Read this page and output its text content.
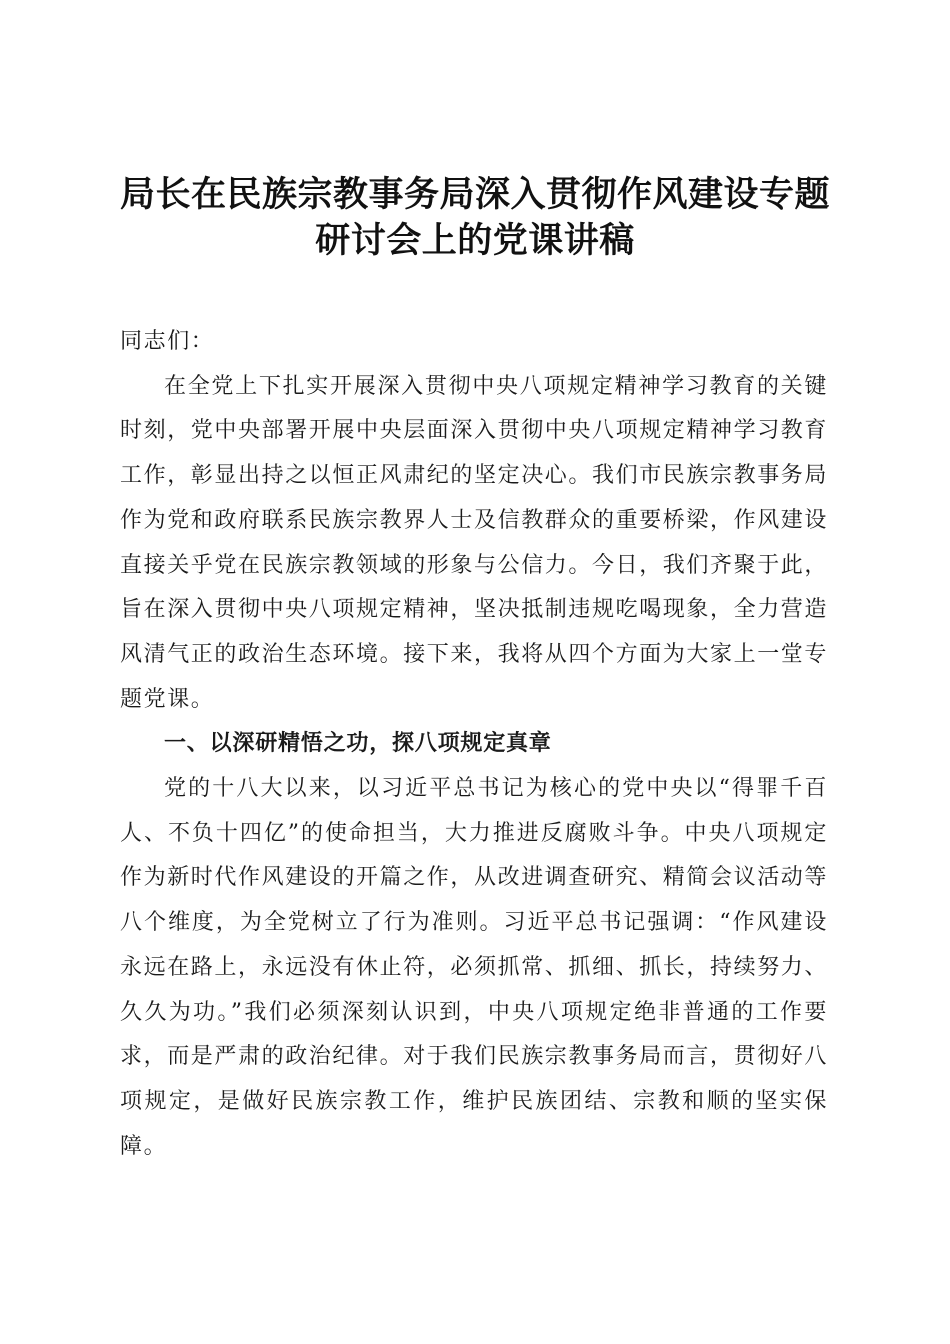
局长在民族宗教事务局深入贯彻作风建设专题
研讨会上的党课讲稿

同志们：

在全党上下扎实开展深入贯彻中央八项规定精神学习教育的关键时刻，党中央部署开展中央层面深入贯彻中央八项规定精神学习教育工作，彰显出持之以恒正风肃纪的坚定决心。我们市民族宗教事务局作为党和政府联系民族宗教界人士及信教群众的重要桥梁，作风建设直接关乎党在民族宗教领域的形象与公信力。今日，我们齐聚于此，旨在深入贯彻中央八项规定精神，坚决抵制违规吃喝现象，全力营造风清气正的政治生态环境。接下来，我将从四个方面为大家上一堂专题党课。

一、以深研精悟之功，探八项规定真章

党的十八大以来，以习近平总书记为核心的党中央以“得罪千百人、不负十四亿”的使命担当，大力推进反腐败斗争。中央八项规定作为新时代作风建设的开篇之作，从改进调查研究、精简会议活动等八个维度，为全党树立了行为准则。习近平总书记强调：“作风建设永远在路上，永远没有休止符，必须抓常、抓细、抓长，持续努力、久久为功。”我们必须深刻认识到，中央八项规定绝非普通的工作要求，而是严肃的政治纪律。对于我们民族宗教事务局而言，贯彻好八项规定，是做好民族宗教工作，维护民族团结、宗教和顺的坚实保障。
